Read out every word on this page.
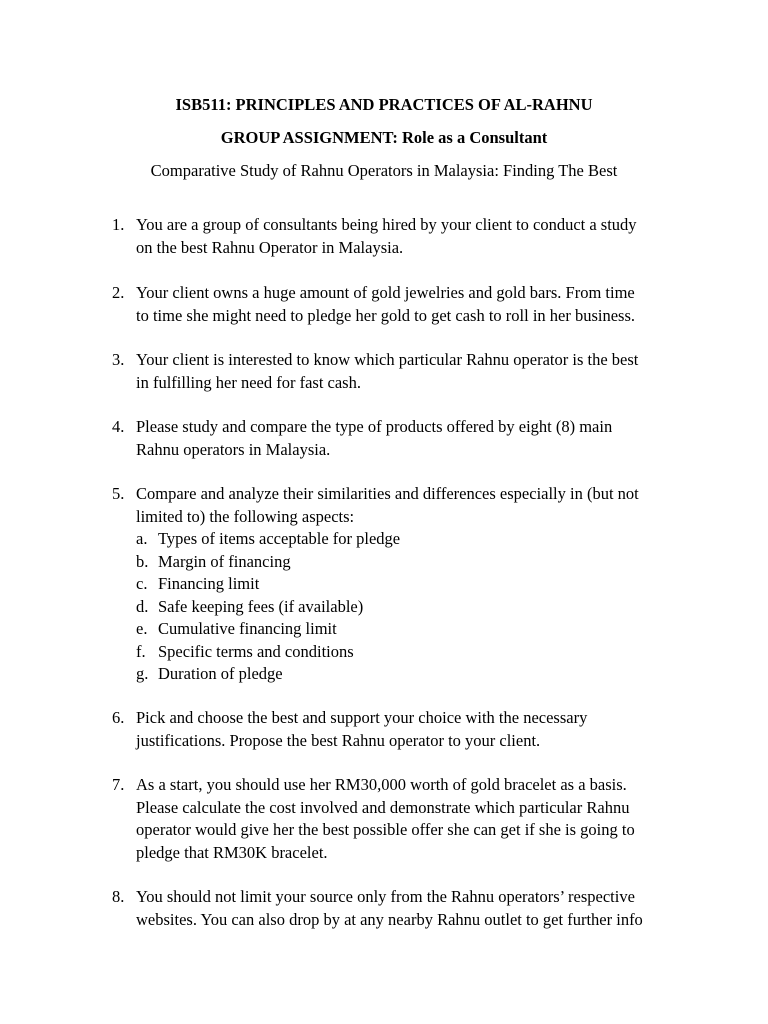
ISB511: PRINCIPLES AND PRACTICES OF AL-RAHNU
GROUP ASSIGNMENT: Role as a Consultant
Comparative Study of Rahnu Operators in Malaysia: Finding The Best
1. You are a group of consultants being hired by your client to conduct a study
on the best Rahnu Operator in Malaysia.
2. Your client owns a huge amount of gold jewelries and gold bars. From time
to time she might need to pledge her gold to get cash to roll in her business.
3. Your client is interested to know which particular Rahnu operator is the best
in fulfilling her need for fast cash.
4. Please study and compare the type of products offered by eight (8) main
Rahnu operators in Malaysia.
5. Compare and analyze their similarities and differences especially in (but not
limited to) the following aspects:
a. Types of items acceptable for pledge
b. Margin of financing
c. Financing limit
d. Safe keeping fees (if available)
e. Cumulative financing limit
f. Specific terms and conditions
g. Duration of pledge
6. Pick and choose the best and support your choice with the necessary
justifications. Propose the best Rahnu operator to your client.
7. As a start, you should use her RM30,000 worth of gold bracelet as a basis.
Please calculate the cost involved and demonstrate which particular Rahnu
operator would give her the best possible offer she can get if she is going to
pledge that RM30K bracelet.
8. You should not limit your source only from the Rahnu operators’ respective
websites. You can also drop by at any nearby Rahnu outlet to get further info
